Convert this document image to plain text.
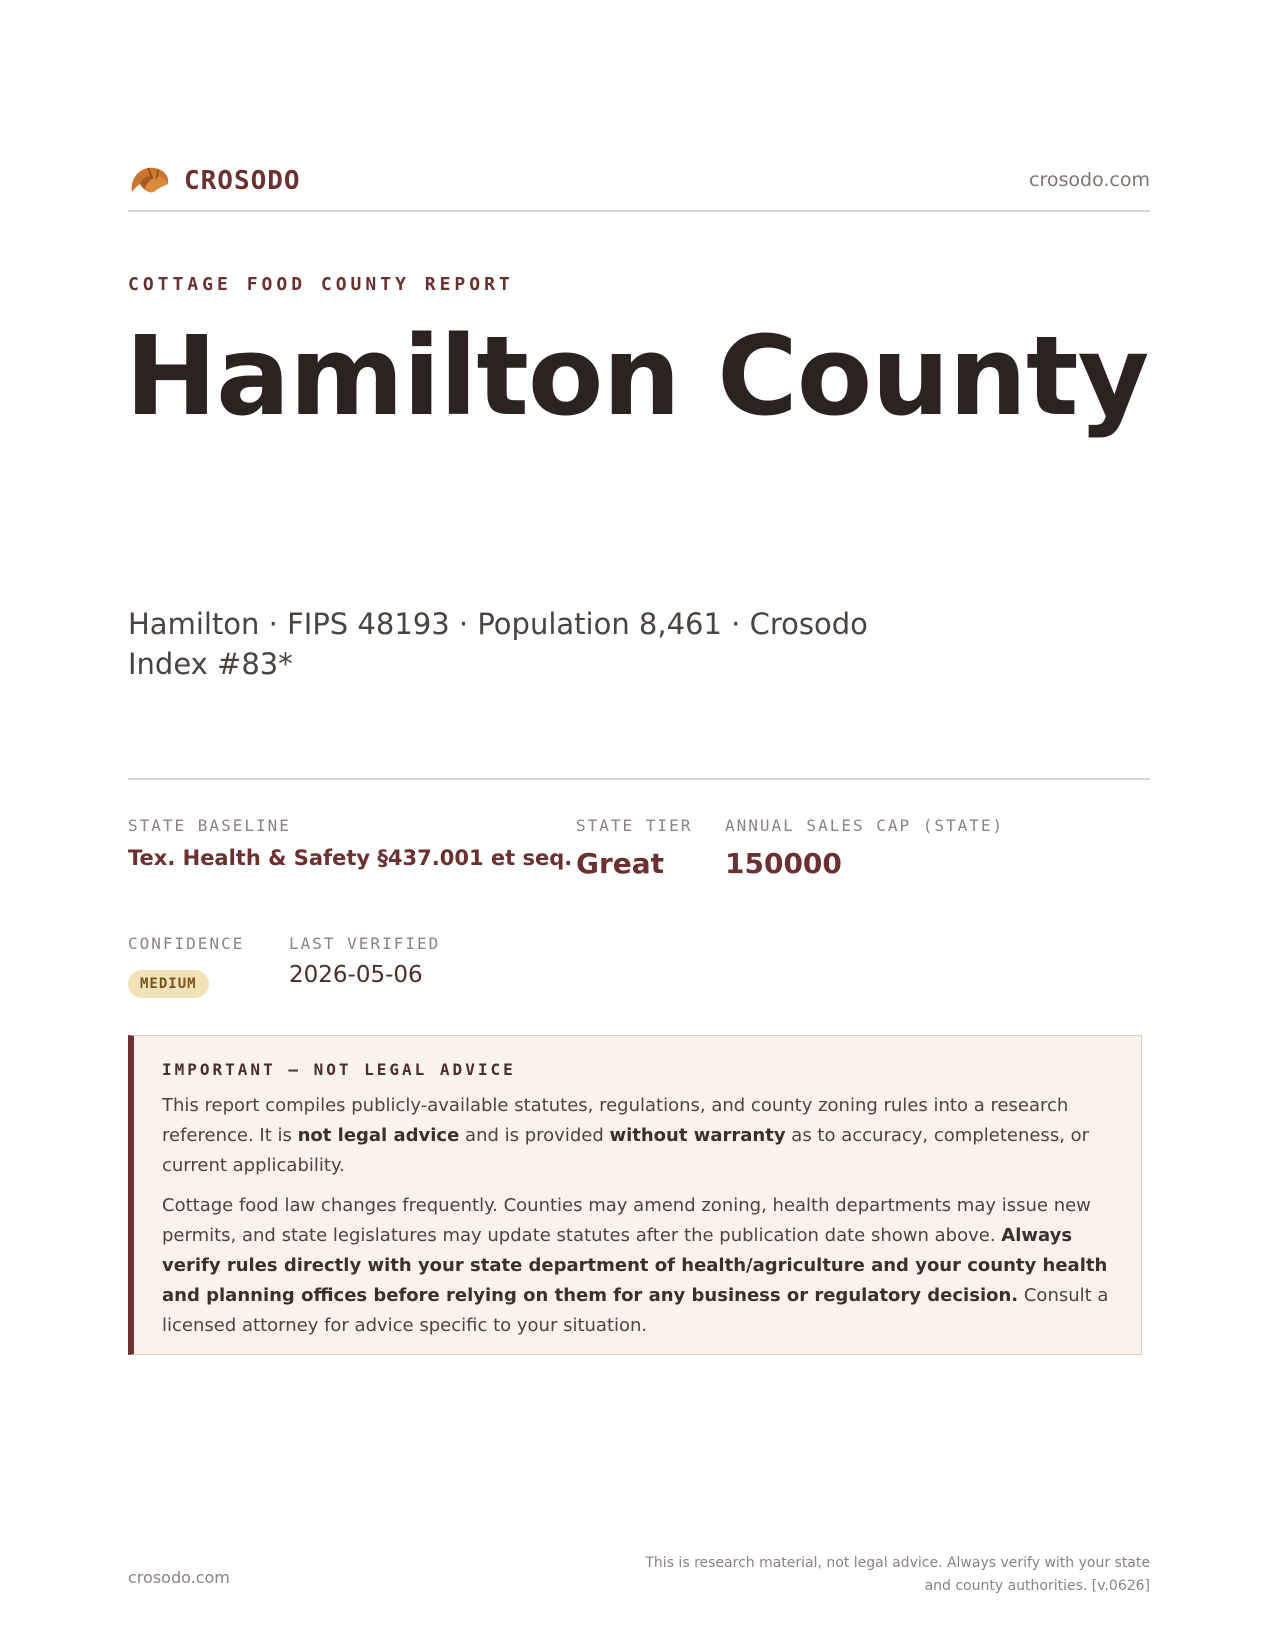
CROSODO	crosodo.com
COTTAGE FOOD COUNTY REPORT
Hamilton County
Hamilton · FIPS 48193 · Population 8,461 · Crosodo Index #83*
STATE BASELINE
Tex. Health & Safety §437.001 et seq.
STATE TIER
Great
ANNUAL SALES CAP (STATE)
150000
CONFIDENCE
MEDIUM
LAST VERIFIED
2026-05-06
IMPORTANT — NOT LEGAL ADVICE

This report compiles publicly-available statutes, regulations, and county zoning rules into a research reference. It is not legal advice and is provided without warranty as to accuracy, completeness, or current applicability.

Cottage food law changes frequently. Counties may amend zoning, health departments may issue new permits, and state legislatures may update statutes after the publication date shown above. Always verify rules directly with your state department of health/agriculture and your county health and planning offices before relying on them for any business or regulatory decision. Consult a licensed attorney for advice specific to your situation.

crosodo.com
This is research material, not legal advice. Always verify with your state
and county authorities. [v.0626]
